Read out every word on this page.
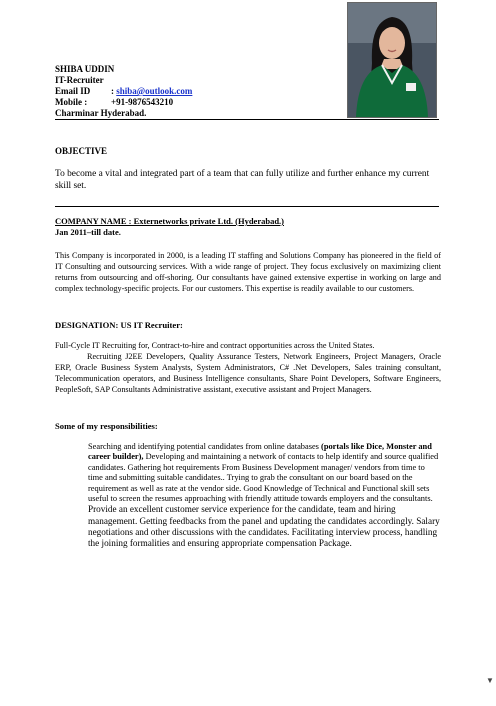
SHIBA UDDIN
IT-Recruiter
Email ID	: shiba@outlook.com
Mobile :	+91-9876543210
Charminar Hyderabad.
OBJECTIVE
To become a vital and integrated part of a team that can fully utilize and further enhance my current skill set.
COMPANY NAME : Externetworks private Ltd. (Hyderabad.)
Jan 2011–till date.
This Company is incorporated in 2000, is a leading IT staffing and Solutions Company has pioneered in the field of IT Consulting and outsourcing services. With a wide range of project. They focus exclusively on maximizing client returns from outsourcing and off-shoring. Our consultants have gained extensive expertise in working on large and complex technology-specific projects. For our customers. This expertise is readily available to our customers.
DESIGNATION: US IT Recruiter:
Full-Cycle IT Recruiting for, Contract-to-hire and contract opportunities across the United States.
Recruiting J2EE Developers, Quality Assurance Testers, Network Engineers, Project Managers, Oracle ERP, Oracle Business System Analysts, System Administrators, C# .Net Developers, Sales training consultant, Telecommunication operators, and Business Intelligence consultants, Share Point Developers, Software Engineers, PeopleSoft, SAP Consultants Administrative assistant, executive assistant and Project Managers.
Some of my responsibilities:

Searching and identifying potential candidates from online databases (portals like Dice, Monster and career builder), Developing and maintaining a network of contacts to help identify and source qualified candidates. Gathering hot requirements From Business Development manager/ vendors from time to time and submitting suitable candidates.. Trying to grab the consultant on our board based on the requirement as well as rate at the vendor side. Good Knowledge of Technical and Functional skill sets useful to screen the resumes approaching with friendly attitude towards employers and the consultants.

Provide an excellent customer service experience for the candidate, team and hiring management. Getting feedbacks from the panel and updating the candidates accordingly. Salary negotiations and other discussions with the candidates. Facilitating interview process, handling the joining formalities and ensuring appropriate compensation Package.

▼
